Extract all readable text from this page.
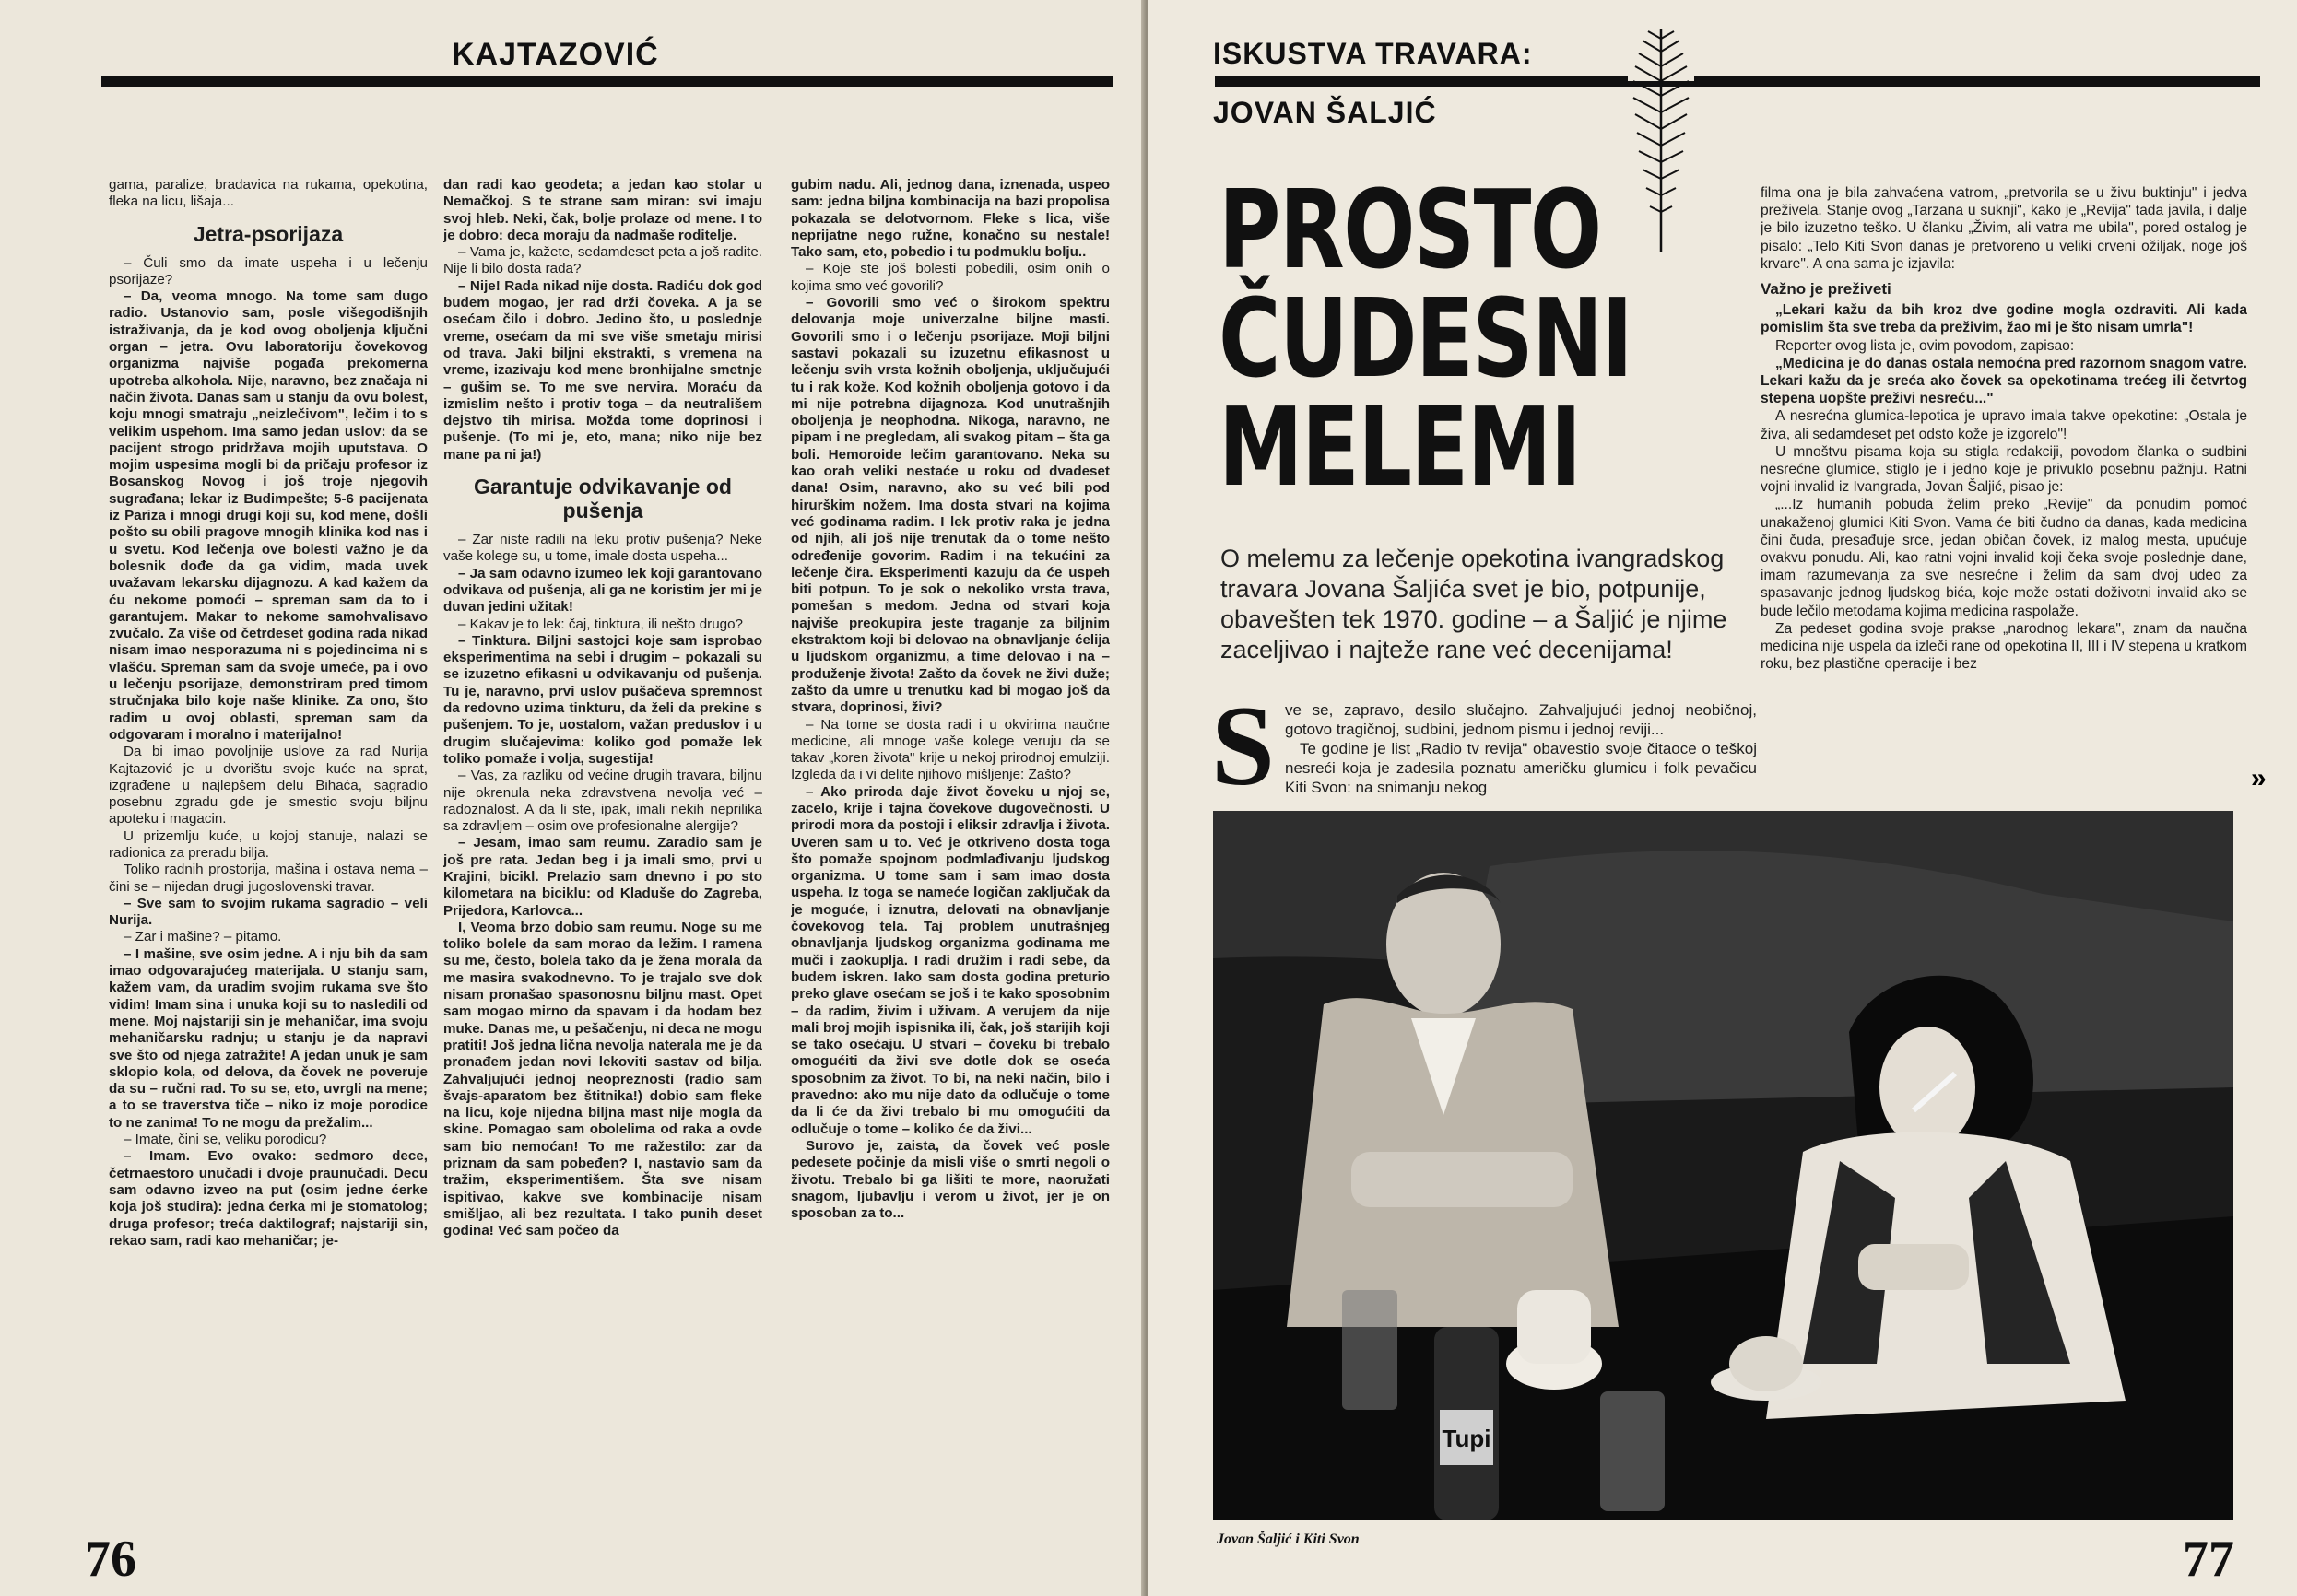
KAJTAZOVIĆ

gama, paralize, bradavica na rukama, opekotina, fleka na licu, lišaja...

Jetra-psorijaza

– Čuli smo da imate uspeha i u lečenju psorijaze?

– Da, veoma mnogo. Na tome sam dugo radio. Ustanovio sam, posle višegodišnjih istraživanja, da je kod ovog oboljenja ključni organ – jetra. Ovu laboratoriju čovekovog organizma najviše pogađa prekomerna upotreba alkohola. Nije, naravno, bez značaja ni način života. Danas sam u stanju da ovu bolest, koju mnogi smatraju „neizlečivom", lečim i to s velikim uspehom. Ima samo jedan uslov: da se pacijent strogo pridržava mojih uputstava. O mojim uspesima mogli bi da pričaju profesor iz Bosanskog Novog i još troje njegovih sugrađana; lekar iz Budimpešte; 5-6 pacijenata iz Pariza i mnogi drugi koji su, kod mene, došli pošto su obili pragove mnogih klinika kod nas i u svetu. Kod lečenja ove bolesti važno je da bolesnik dođe da ga vidim, mada uvek uvažavam lekarsku dijagnozu. A kad kažem da ću nekome pomoći – spreman sam da to i garantujem. Makar to nekome samohvalisavo zvučalo. Za više od četrdeset godina rada nikad nisam imao nesporazuma ni s pojedincima ni s vlašću. Spreman sam da svoje umeće, pa i ovo u lečenju psorijaze, demonstriram pred timom stručnjaka bilo koje naše klinike. Za ono, što radim u ovoj oblasti, spreman sam da odgovaram i moralno i materijalno!

Da bi imao povoljnije uslove za rad Nurija Kajtazović je u dvorištu svoje kuće na sprat, izgrađene u najlepšem delu Bihaća, sagradio posebnu zgradu gde je smestio svoju biljnu apoteku i magacin.

U prizemlju kuće, u kojoj stanuje, nalazi se radionica za preradu bilja.

Toliko radnih prostorija, mašina i ostava nema – čini se – nijedan drugi jugoslovenski travar.

– Sve sam to svojim rukama sagradio – veli Nurija.

– Zar i mašine? – pitamo.

– I mašine, sve osim jedne. A i nju bih da sam imao odgovarajućeg materijala. U stanju sam, kažem vam, da uradim svojim rukama sve što vidim! Imam sina i unuka koji su to nasledili od mene. Moj najstariji sin je mehaničar, ima svoju mehaničarsku radnju; u stanju je da napravi sve što od njega zatražite! A jedan unuk je sam sklopio kola, od delova, da čovek ne poveruje da su – ručni rad. To su se, eto, uvrgli na mene; a to se traverstva tiče – niko iz moje porodice to ne zanima! To ne mogu da prežalim...

– Imate, čini se, veliku porodicu?

– Imam. Evo ovako: sedmoro dece, četrnaestoro unučadi i dvoje praunučadi. Decu sam odavno izveo na put (osim jedne ćerke koja još studira): jedna ćerka mi je stomatolog; druga profesor; treća daktilograf; najstariji sin, rekao sam, radi kao mehaničar; je-

dan radi kao geodeta; a jedan kao stolar u Nemačkoj. S te strane sam miran: svi imaju svoj hleb. Neki, čak, bolje prolaze od mene. I to je dobro: deca moraju da nadmaše roditelje.

– Vama je, kažete, sedamdeset peta a još radite. Nije li bilo dosta rada?

– Nije! Rada nikad nije dosta. Radiću dok god budem mogao, jer rad drži čoveka. A ja se osećam čilo i dobro. Jedino što, u poslednje vreme, osećam da mi sve više smetaju mirisi od trava. Jaki biljni ekstrakti, s vremena na vreme, izazivaju kod mene bronhijalne smetnje – gušim se. To me sve nervira. Moraću da izmislim nešto i protiv toga – da neutrališem dejstvo tih mirisa. Možda tome doprinosi i pušenje. (To mi je, eto, mana; niko nije bez mane pa ni ja!)

Garantuje odvikavanje od pušenja

– Zar niste radili na leku protiv pušenja? Neke vaše kolege su, u tome, imale dosta uspeha...

– Ja sam odavno izumeo lek koji garantovano odvikava od pušenja, ali ga ne koristim jer mi je duvan jedini užitak!

– Kakav je to lek: čaj, tinktura, ili nešto drugo?

– Tinktura. Biljni sastojci koje sam isprobao eksperimentima na sebi i drugim – pokazali su se izuzetno efikasni u odvikavanju od pušenja. Tu je, naravno, prvi uslov pušačeva spremnost da redovno uzima tinkturu, da želi da prekine s pušenjem. To je, uostalom, važan preduslov i u drugim slučajevima: koliko god pomaže lek toliko pomaže i volja, sugestija!

– Vas, za razliku od većine drugih travara, biljnu nije okrenula neka zdravstvena nevolja već – radoznalost. A da li ste, ipak, imali nekih neprilika sa zdravljem – osim ove profesionalne alergije?

– Jesam, imao sam reumu. Zaradio sam je još pre rata. Jedan beg i ja imali smo, prvi u Krajini, bicikl. Prelazio sam dnevno i po sto kilometara na biciklu: od Kladuše do Zagreba, Prijedora, Karlovca...

I, Veoma brzo dobio sam reumu. Noge su me toliko bolele da sam morao da ležim. I ramena su me, često, bolela tako da je žena morala da me masira svakodnevno. To je trajalo sve dok nisam pronašao spasonosnu biljnu mast. Opet sam mogao mirno da spavam i da hodam bez muke. Danas me, u pešačenju, ni deca ne mogu pratiti! Još jedna lična nevolja naterala me je da pronađem jedan novi lekoviti sastav od bilja. Zahvaljujući jednoj neopreznosti (radio sam švajs-aparatom bez štitnika!) dobio sam fleke na licu, koje nijedna biljna mast nije mogla da skine. Pomagao sam obolelima od raka a ovde sam bio nemoćan! To me ražestilo: zar da priznam da sam pobeđen? I, nastavio sam da tražim, eksperimentišem. Šta sve nisam ispitivao, kakve sve kombinacije nisam smišljao, ali bez rezultata. I tako punih deset godina! Već sam počeo da

gubim nadu. Ali, jednog dana, iznenada, uspeo sam: jedna biljna kombinacija na bazi propolisa pokazala se delotvornom. Fleke s lica, više neprijatne nego ružne, konačno su nestale! Tako sam, eto, pobedio i tu podmuklu bolju..

– Koje ste još bolesti pobedili, osim onih o kojima smo već govorili?

– Govorili smo već o širokom spektru delovanja moje univerzalne biljne masti. Govorili smo i o lečenju psorijaze. Moji biljni sastavi pokazali su izuzetnu efikasnost u lečenju svih vrsta kožnih oboljenja, uključujući tu i rak kože. Kod kožnih oboljenja gotovo i da mi nije potrebna dijagnoza. Kod unutrašnjih oboljenja je neophodna. Nikoga, naravno, ne pipam i ne pregledam, ali svakog pitam – šta ga boli. Hemoroide lečim garantovano. Neka su kao orah veliki nestaće u roku od dvadeset dana! Osim, naravno, ako su već bili pod hirurškim nožem. Ima dosta stvari na kojima već godinama radim. I lek protiv raka je jedna od njih, ali još nije trenutak da o tome nešto određenije govorim. Radim i na tekućini za lečenje čira. Eksperimenti kazuju da će uspeh biti potpun. To je sok o nekoliko vrsta trava, pomešan s medom. Jedna od stvari koja najviše preokupira jeste traganje za biljnim ekstraktom koji bi delovao na obnavljanje ćelija u ljudskom organizmu, a time delovao i na – produženje života! Zašto da čovek ne živi duže; zašto da umre u trenutku kad bi mogao još da stvara, doprinosi, živi?

– Na tome se dosta radi i u okvirima naučne medicine, ali mnoge vaše kolege veruju da se takav „koren života" krije u nekoj prirodnoj emulziji. Izgleda da i vi delite njihovo mišljenje: Zašto?

– Ako priroda daje život čoveku u njoj se, zacelo, krije i tajna čovekove dugovečnosti. U prirodi mora da postoji i eliksir zdravlja i života. Uveren sam u to. Već je otkriveno dosta toga što pomaže spojnom podmlađivanju ljudskog organizma. U tome sam i sam imao dosta uspeha. Iz toga se nameće logičan zaključak da je moguće, i iznutra, delovati na obnavljanje čovekovog tela. Taj problem unutrašnjeg obnavljanja ljudskog organizma godinama me muči i zaokuplja. I radi družim i radi sebe, da budem iskren. Iako sam dosta godina preturio preko glave osećam se još i te kako sposobnim – da radim, živim i uživam. A verujem da nije mali broj mojih ispisnika ili, čak, još starijih koji se tako osećaju. U stvari – čoveku bi trebalo omogućiti da živi sve dotle dok se oseća sposobnim za život. To bi, na neki način, bilo i pravedno: ako mu nije dato da odlučuje o tome da li će da živi trebalo bi mu omogućiti da odlučuje o tome – koliko će da živi...

Surovo je, zaista, da čovek već posle pedesete počinje da misli više o smrti negoli o životu. Trebalo bi ga lišiti te more, naoružati snagom, ljubavlju i verom u život, jer je on sposoban za to...

76
ISKUSTVA TRAVARA:
JOVAN ŠALJIĆ
PROSTO
ČUDESNI
MELEMI
O melemu za lečenje opekotina ivangradskog travara Jovana Šaljića svet je bio, potpunije, obavešten tek 1970. godine – a Šaljić je njime zaceljivao i najteže rane već decenijama!
S ve se, zapravo, desilo slučajno. Zahvaljujući jednoj neobičnoj, gotovo tragičnoj, sudbini, jednom pismu i jednoj reviji...

Te godine je list „Radio tv revija" obavestio svoje čitaoce o teškoj nesreći koja je zadesila poznatu američku glumicu i folk pevačicu Kiti Svon: na snimanju nekog

filma ona je bila zahvaćena vatrom, „pretvorila se u živu buktinju" i jedva preživela. Stanje ovog „Tarzana u suknji", kako je „Revija" tada javila, i dalje je bilo izuzetno teško. U članku „Živim, ali vatra me ubila", pored ostalog je pisalo: „Telo Kiti Svon danas je pretvoreno u veliki crveni ožiljak, noge još krvare". A ona sama je izjavila:

Važno je preživeti

„Lekari kažu da bih kroz dve godine mogla ozdraviti. Ali kada pomislim šta sve treba da preživim, žao mi je što nisam umrla"!

Reporter ovog lista je, ovim povodom, zapisao:

„Medicina je do danas ostala nemoćna pred razornom snagom vatre. Lekari kažu da je sreća ako čovek sa opekotinama trećeg ili četvrtog stepena uopšte preživi nesreću..."

A nesrećna glumica-lepotica je upravo imala takve opekotine: „Ostala je živa, ali sedamdeset pet odsto kože je izgorelo"!

U mnoštvu pisama koja su stigla redakciji, povodom članka o sudbini nesrećne glumice, stiglo je i jedno koje je privuklo posebnu pažnju. Ratni vojni invalid iz Ivangrada, Jovan Šaljić, pisao je:

„...Iz humanih pobuda želim preko „Revije" da ponudim pomoć unakaženoj glumici Kiti Svon. Vama će biti čudno da danas, kada medicina čini čuda, presađuje srce, jedan običan čovek, iz malog mesta, upućuje ovakvu ponudu. Ali, kao ratni vojni invalid koji čeka svoje poslednje dane, imam razumevanja za sve nesrećne i želim da sam dvoj udeo za spasavanje jednog ljudskog bića, koje može ostati doživotni invalid ako se bude lečilo metodama kojima medicina raspolaže.

Za pedeset godina svoje prakse „narodnog lekara", znam da naučna medicina nije uspela da izleči rane od opekotina II, III i IV stepena u kratkom roku, bez plastične operacije i bez

»
Tupi
Jovan Šaljić i Kiti Svon	77
